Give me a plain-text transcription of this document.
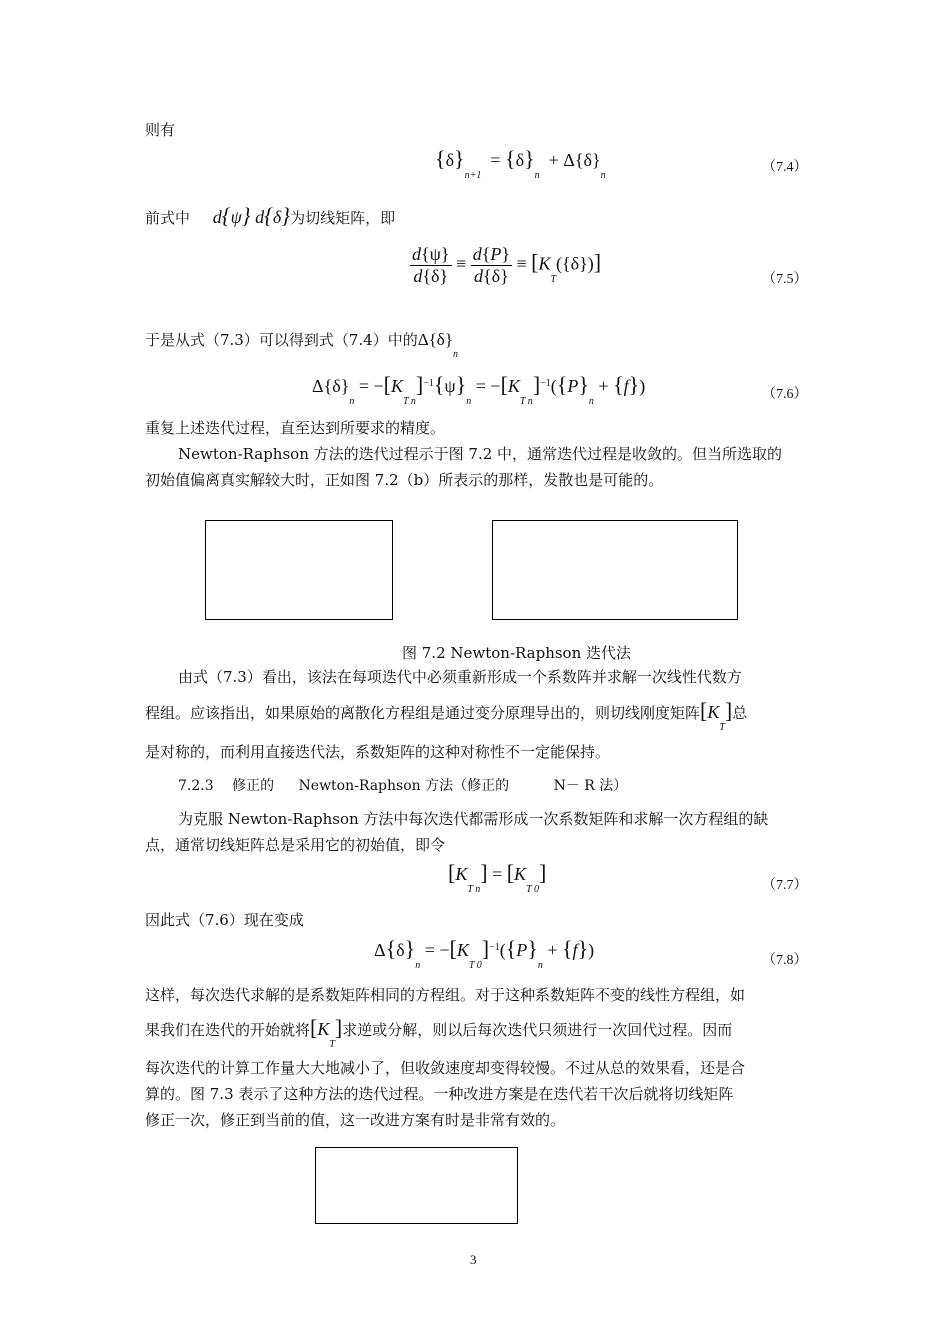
则有
$\{\delta\}_{n+1} = \{\delta\}_n + \Delta\{\delta\}_n$
（7.4）
前式中 d{ψ} d{δ}为切线矩阵，即
$\frac{d\{\psi\}}{d\{\delta\}} \equiv \frac{d\{P\}}{d\{\delta\}} \equiv [K_T(\{\delta\})]$
（7.5）
于是从式（7.3）可以得到式（7.4）中的$\Delta\{\delta\}_n$
$\Delta\{\delta\}_n = -[K_{T n}]^{-1}\{\psi\}_n = -[K_{T n}]^{-1}(\{P\}_n + \{f\})$	（7.6）
重复上述迭代过程，直至达到所要求的精度。
Newton-Raphson 方法的迭代过程示于图 7.2 中，通常迭代过程是收敛的。但当所选取的
初始值偏离真实解较大时，正如图 7.2（b）所表示的那样，发散也是可能的。
图 7.2 Newton-Raphson 迭代法
由式（7.3）看出，该法在每项迭代中必须重新形成一个系数阵并求解一次线性代数方
程组。应该指出，如果原始的离散化方程组是通过变分原理导出的，则切线刚度矩阵$[K_T]$总
是对称的，而利用直接迭代法，系数矩阵的这种对称性不一定能保持。
7.2.3 修正的 Newton-Raphson 方法（修正的	N－ R 法）
为克服 Newton-Raphson 方法中每次迭代都需形成一次系数矩阵和求解一次方程组的缺
点，通常切线矩阵总是采用它的初始值，即令
$[K_{T n}] = [K_{T 0}]$
（7.7）
因此式（7.6）现在变成
$\Delta\{\delta\}_n = -[K_{T 0}]^{-1}(\{P\}_n + \{f\})$
（7.8）
这样，每次迭代求解的是系数矩阵相同的方程组。对于这种系数矩阵不变的线性方程组，如
果我们在迭代的开始就将$[K_T]$求逆或分解，则以后每次迭代只须进行一次回代过程。因而
每次迭代的计算工作量大大地减小了，但收敛速度却变得较慢。不过从总的效果看，还是合
算的。图 7.3 表示了这种方法的迭代过程。一种改进方案是在迭代若干次后就将切线矩阵
修正一次，修正到当前的值，这一改进方案有时是非常有效的。
3
